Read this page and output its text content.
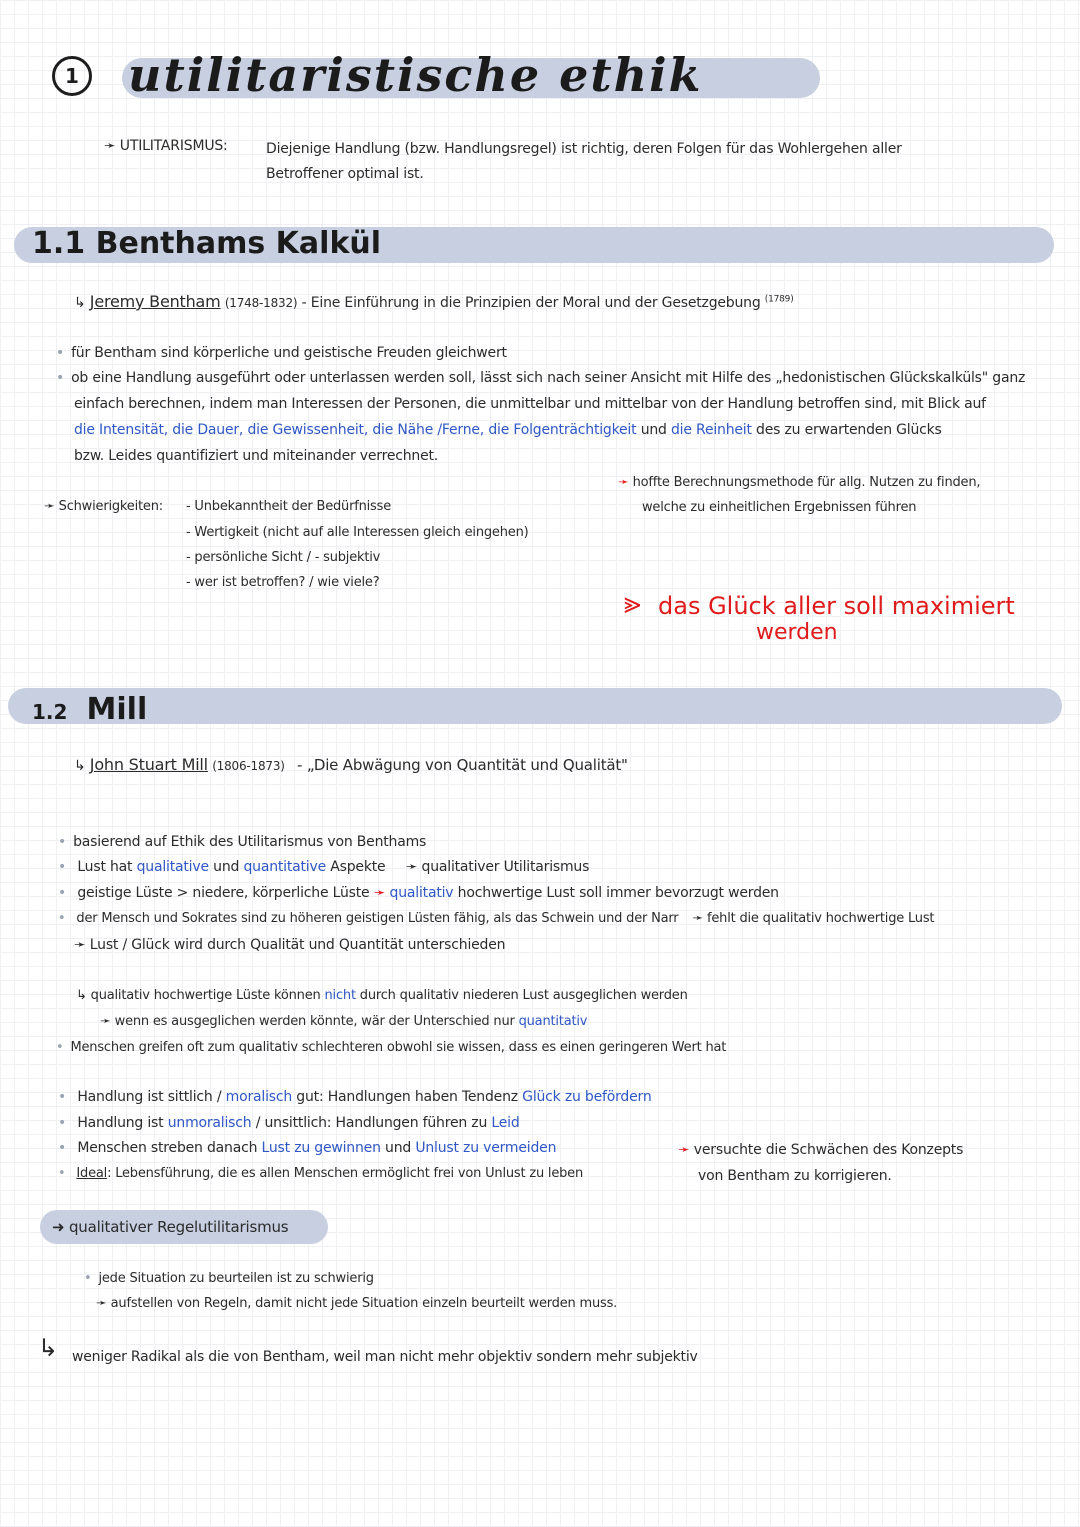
1 utilitaristische ethik
➛ UTILITARISMUS:	Diejenige Handlung (bzw. Handlungsregel) ist richtig, deren Folgen für das Wohlergehen aller
Betroffener optimal ist.
1.1 Benthams Kalkül
↳ Jeremy Bentham (1748-1832) - Eine Einführung in die Prinzipien der Moral und der Gesetzgebung $^{(1789)}$
• für Bentham sind körperliche und geistische Freuden gleichwert
• ob eine Handlung ausgeführt oder unterlassen werden soll, lässt sich nach seiner Ansicht mit Hilfe des „hedonistischen Glückskalküls" ganz
einfach berechnen, indem man Interessen der Personen, die unmittelbar und mittelbar von der Handlung betroffen sind, mit Blick auf
die Intensität, die Dauer, die Gewissenheit, die Nähe /Ferne, die Folgenträchtigkeit und die Reinheit des zu erwartenden Glücks
bzw. Leides quantifiziert und miteinander verrechnet.
➛ hoffte Berechnungsmethode für allg. Nutzen zu finden,
welche zu einheitlichen Ergebnissen führen
➛ Schwierigkeiten: - Unbekanntheit der Bedürfnisse
- Wertigkeit (nicht auf alle Interessen gleich eingehen)
- persönliche Sicht / - subjektiv
- wer ist betroffen? / wie viele?
⪢ das Glück aller soll maximiert
werden
1.2 Mill
↳ John Stuart Mill (1806-1873) - „Die Abwägung von Quantität und Qualität"
• basierend auf Ethik des Utilitarismus von Benthams
• Lust hat qualitative und quantitative Aspekte ➛ qualitativer Utilitarismus
• geistige Lüste > niedere, körperliche Lüste ➛ qualitativ hochwertige Lust soll immer bevorzugt werden
• der Mensch und Sokrates sind zu höheren geistigen Lüsten fähig, als das Schwein und der Narr ➛ fehlt die qualitativ hochwertige Lust
➛ Lust / Glück wird durch Qualität und Quantität unterschieden
↳ qualitativ hochwertige Lüste können nicht durch qualitativ niederen Lust ausgeglichen werden
➛ wenn es ausgeglichen werden könnte, wär der Unterschied nur quantitativ
• Menschen greifen oft zum qualitativ schlechteren obwohl sie wissen, dass es einen geringeren Wert hat
• Handlung ist sittlich / moralisch gut: Handlungen haben Tendenz Glück zu befördern
• Handlung ist unmoralisch / unsittlich: Handlungen führen zu Leid
• Menschen streben danach Lust zu gewinnen und Unlust zu vermeiden
• Ideal: Lebensführung, die es allen Menschen ermöglicht frei von Unlust zu leben
➛ versuchte die Schwächen des Konzepts
von Bentham zu korrigieren.
➜ qualitativer Regelutilitarismus
• jede Situation zu beurteilen ist zu schwierig
➛ aufstellen von Regeln, damit nicht jede Situation einzeln beurteilt werden muss.
↳ weniger Radikal als die von Bentham, weil man nicht mehr objektiv sondern mehr subjektiv
